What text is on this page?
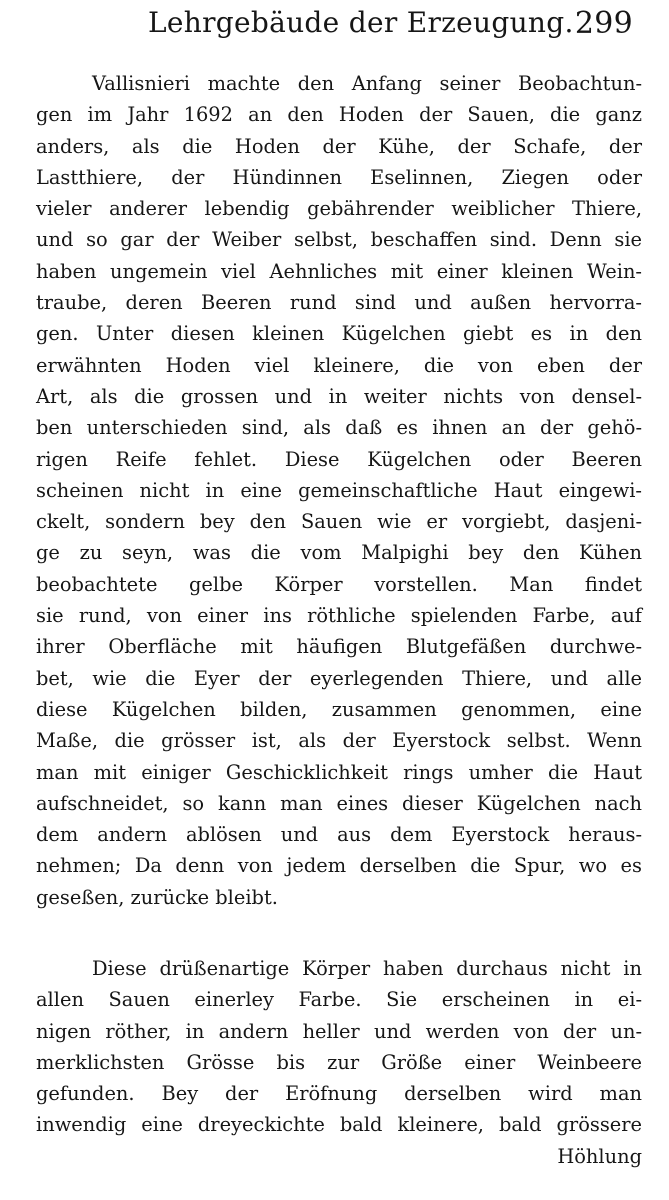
Lehrgebäude der Erzeugung. 299
Vallisnieri machte den Anfang seiner Beobachtun-
gen im Jahr 1692 an den Hoden der Sauen, die ganz
anders, als die Hoden der Kühe, der Schafe, der
Lastthiere, der Hündinnen Eselinnen, Ziegen oder
vieler anderer lebendig gebährender weiblicher Thiere,
und so gar der Weiber selbst, beschaffen sind. Denn sie
haben ungemein viel Aehnliches mit einer kleinen Wein-
traube, deren Beeren rund sind und außen hervorra-
gen. Unter diesen kleinen Kügelchen giebt es in den
erwähnten Hoden viel kleinere, die von eben der
Art, als die grossen und in weiter nichts von densel-
ben unterschieden sind, als daß es ihnen an der gehö-
rigen Reife fehlet. Diese Kügelchen oder Beeren
scheinen nicht in eine gemeinschaftliche Haut eingewi-
ckelt, sondern bey den Sauen wie er vorgiebt, dasjeni-
ge zu seyn, was die vom Malpighi bey den Kühen
beobachtete gelbe Körper vorstellen. Man findet
sie rund, von einer ins röthliche spielenden Farbe, auf
ihrer Oberfläche mit häufigen Blutgefäßen durchwe-
bet, wie die Eyer der eyerlegenden Thiere, und alle
diese Kügelchen bilden, zusammen genommen, eine
Maße, die grösser ist, als der Eyerstock selbst. Wenn
man mit einiger Geschicklichkeit rings umher die Haut
aufschneidet, so kann man eines dieser Kügelchen nach
dem andern ablösen und aus dem Eyerstock heraus-
nehmen; Da denn von jedem derselben die Spur, wo es
geseßen, zurücke bleibt.
Diese drüßenartige Körper haben durchaus nicht in
allen Sauen einerley Farbe. Sie erscheinen in ei-
nigen röther, in andern heller und werden von der un-
merklichsten Grösse bis zur Größe einer Weinbeere
gefunden. Bey der Eröfnung derselben wird man
inwendig eine dreyeckichte bald kleinere, bald grössere
Höhlung
